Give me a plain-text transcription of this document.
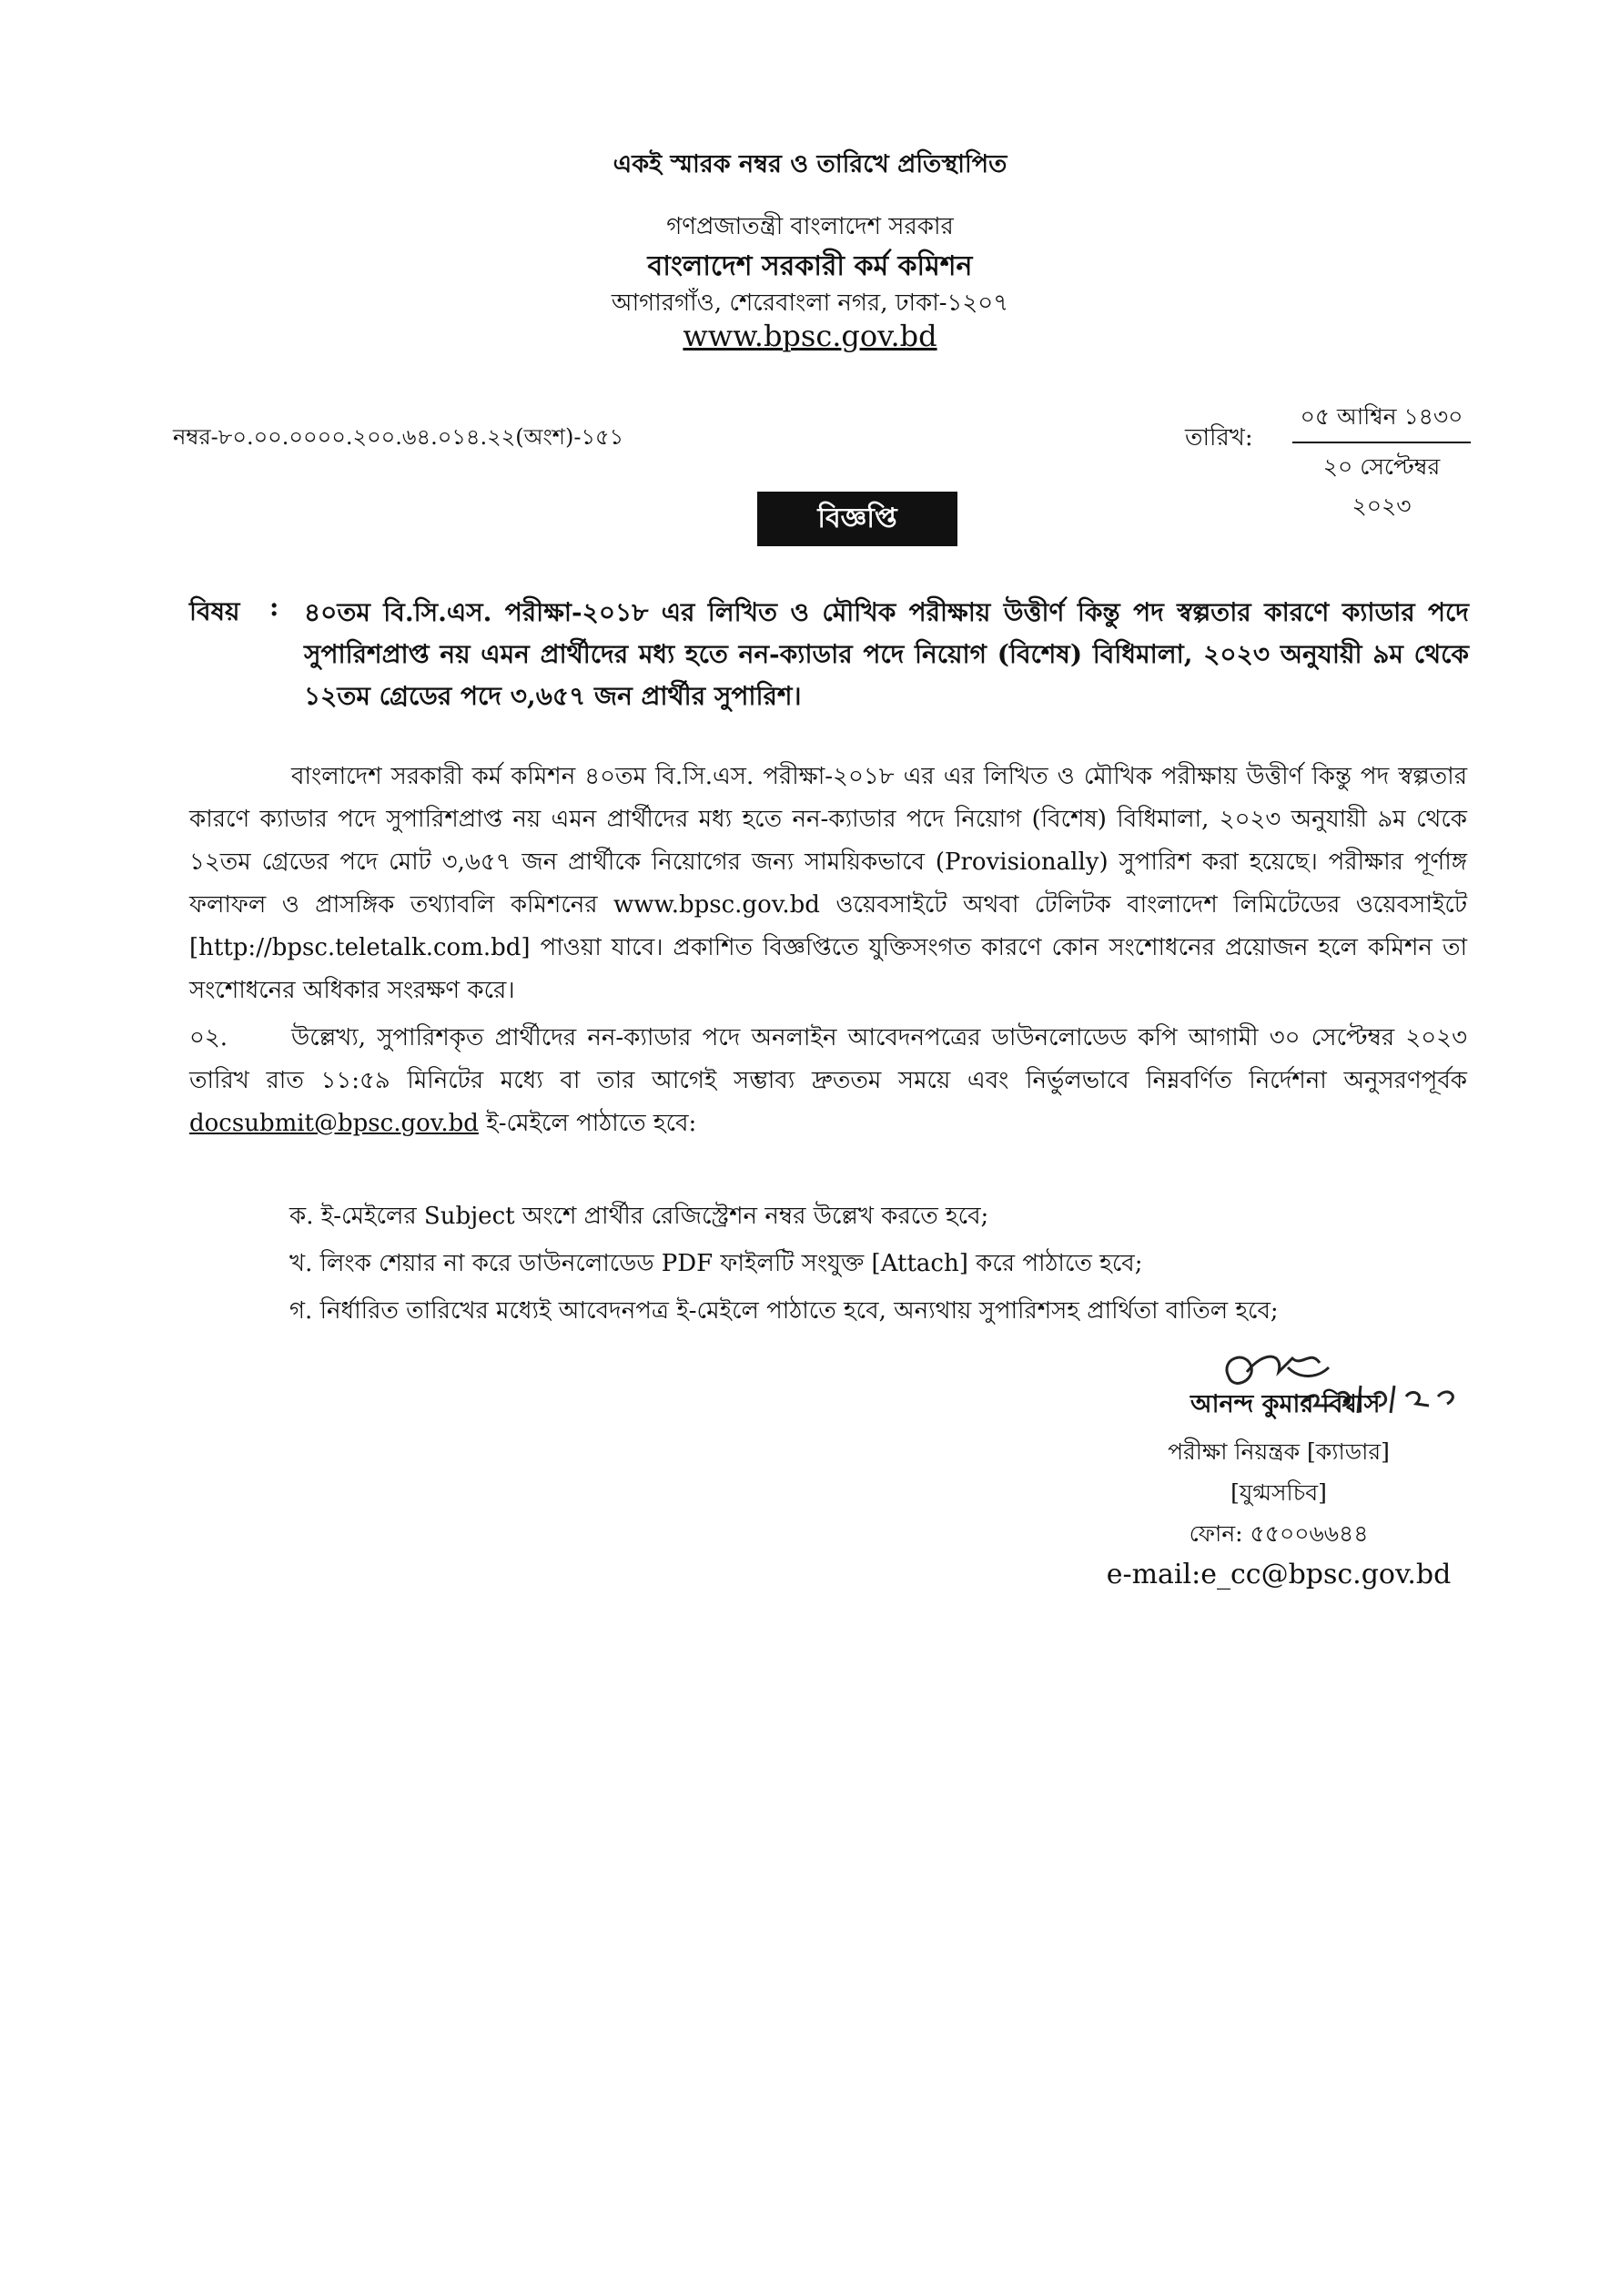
একই স্মারক নম্বর ও তারিখে প্রতিস্থাপিত
গণপ্রজাতন্ত্রী বাংলাদেশ সরকার
বাংলাদেশ সরকারী কর্ম কমিশন
আগারগাঁও, শেরেবাংলা নগর, ঢাকা-১২০৭
www.bpsc.gov.bd
নম্বর-৮০.০০.০০০০.২০০.৬৪.০১৪.২২(অংশ)-১৫১	তারিখ:
০৫ আশ্বিন ১৪৩০
২০ সেপ্টেম্বর ২০২৩
বিজ্ঞপ্তি
বিষয় : ৪০তম বি.সি.এস. পরীক্ষা-২০১৮ এর লিখিত ও মৌখিক পরীক্ষায় উত্তীর্ণ কিন্তু পদ স্বল্পতার কারণে ক্যাডার পদে সুপারিশপ্রাপ্ত নয় এমন প্রার্থীদের মধ্য হতে নন-ক্যাডার পদে নিয়োগ (বিশেষ) বিধিমালা, ২০২৩ অনুযায়ী ৯ম থেকে ১২তম গ্রেডের পদে ৩,৬৫৭ জন প্রার্থীর সুপারিশ।
বাংলাদেশ সরকারী কর্ম কমিশন ৪০তম বি.সি.এস. পরীক্ষা-২০১৮ এর এর লিখিত ও মৌখিক পরীক্ষায় উত্তীর্ণ কিন্তু পদ স্বল্পতার কারণে ক্যাডার পদে সুপারিশপ্রাপ্ত নয় এমন প্রার্থীদের মধ্য হতে নন-ক্যাডার পদে নিয়োগ (বিশেষ) বিধিমালা, ২০২৩ অনুযায়ী ৯ম থেকে ১২তম গ্রেডের পদে মোট ৩,৬৫৭ জন প্রার্থীকে নিয়োগের জন্য সাময়িকভাবে (Provisionally) সুপারিশ করা হয়েছে। পরীক্ষার পূর্ণাঙ্গ ফলাফল ও প্রাসঙ্গিক তথ্যাবলি কমিশনের www.bpsc.gov.bd ওয়েবসাইটে অথবা টেলিটক বাংলাদেশ লিমিটেডের ওয়েবসাইটে [http://bpsc.teletalk.com.bd] পাওয়া যাবে। প্রকাশিত বিজ্ঞপ্তিতে যুক্তিসংগত কারণে কোন সংশোধনের প্রয়োজন হলে কমিশন তা সংশোধনের অধিকার সংরক্ষণ করে।
০২.	উল্লেখ্য, সুপারিশকৃত প্রার্থীদের নন-ক্যাডার পদে অনলাইন আবেদনপত্রের ডাউনলোডেড কপি আগামী ৩০ সেপ্টেম্বর ২০২৩ তারিখ রাত ১১:৫৯ মিনিটের মধ্যে বা তার আগেই সম্ভাব্য দ্রুততম সময়ে এবং নির্ভুলভাবে নিম্নবর্ণিত নির্দেশনা অনুসরণপূর্বক docsubmit@bpsc.gov.bd ই-মেইলে পাঠাতে হবে:
ক. ই-মেইলের Subject অংশে প্রার্থীর রেজিস্ট্রেশন নম্বর উল্লেখ করতে হবে;
খ. লিংক শেয়ার না করে ডাউনলোডেড PDF ফাইলটি সংযুক্ত [Attach] করে পাঠাতে হবে;
গ. নির্ধারিত তারিখের মধ্যেই আবেদনপত্র ই-মেইলে পাঠাতে হবে, অন্যথায় সুপারিশসহ প্রার্থিতা বাতিল হবে;
আনন্দ কুমার বিশ্বাস
পরীক্ষা নিয়ন্ত্রক [ক্যাডার]
[যুগ্মসচিব]
ফোন: ৫৫০০৬৬৪৪
e-mail:e_cc@bpsc.gov.bd
